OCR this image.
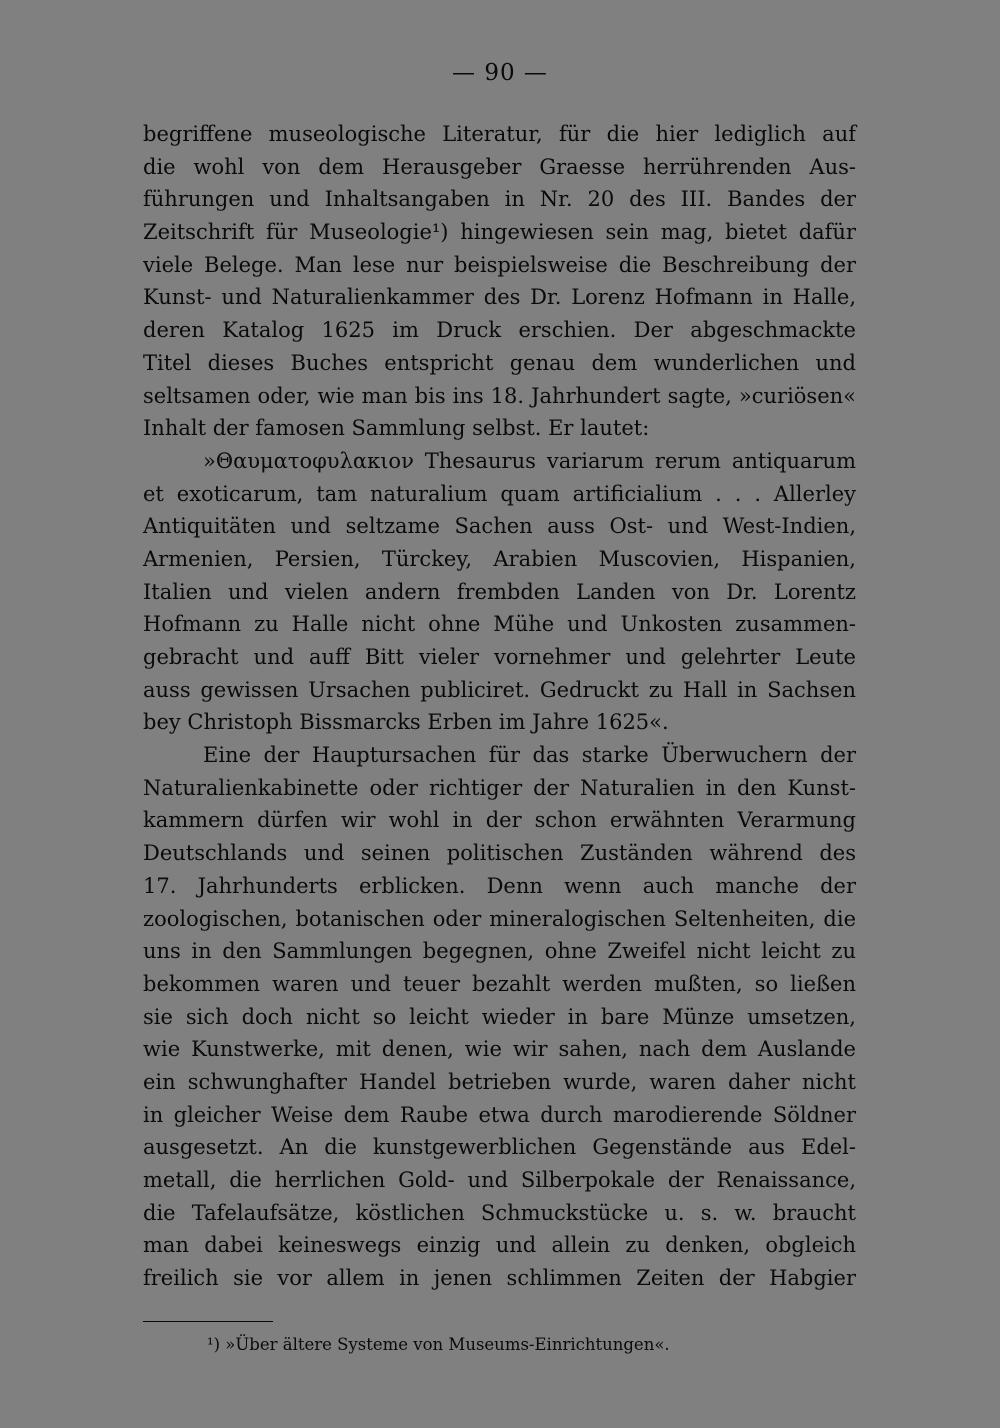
— 90 —
begriffene museologische Literatur, für die hier lediglich auf
die wohl von dem Herausgeber Graesse herrührenden Aus-
führungen und Inhaltsangaben in Nr. 20 des III. Bandes der
Zeitschrift für Museologie¹) hingewiesen sein mag, bietet dafür
viele Belege. Man lese nur beispielsweise die Beschreibung der
Kunst- und Naturalienkammer des Dr. Lorenz Hofmann in Halle,
deren Katalog 1625 im Druck erschien. Der abgeschmackte
Titel dieses Buches entspricht genau dem wunderlichen und
seltsamen oder, wie man bis ins 18. Jahrhundert sagte, »curiösen«
Inhalt der famosen Sammlung selbst. Er lautet:
»Θαυματοφυλακιον Thesaurus variarum rerum antiquarum
et exoticarum, tam naturalium quam artificialium . . . Allerley
Antiquitäten und seltzame Sachen auss Ost- und West-Indien,
Armenien, Persien, Türckey, Arabien Muscovien, Hispanien,
Italien und vielen andern frembden Landen von Dr. Lorentz
Hofmann zu Halle nicht ohne Mühe und Unkosten zusammen-
gebracht und auff Bitt vieler vornehmer und gelehrter Leute
auss gewissen Ursachen publiciret. Gedruckt zu Hall in Sachsen
bey Christoph Bissmarcks Erben im Jahre 1625«.
Eine der Hauptursachen für das starke Überwuchern der
Naturalienkabinette oder richtiger der Naturalien in den Kunst-
kammern dürfen wir wohl in der schon erwähnten Verarmung
Deutschlands und seinen politischen Zuständen während des
17. Jahrhunderts erblicken. Denn wenn auch manche der
zoologischen, botanischen oder mineralogischen Seltenheiten, die
uns in den Sammlungen begegnen, ohne Zweifel nicht leicht zu
bekommen waren und teuer bezahlt werden mußten, so ließen
sie sich doch nicht so leicht wieder in bare Münze umsetzen,
wie Kunstwerke, mit denen, wie wir sahen, nach dem Auslande
ein schwunghafter Handel betrieben wurde, waren daher nicht
in gleicher Weise dem Raube etwa durch marodierende Söldner
ausgesetzt. An die kunstgewerblichen Gegenstände aus Edel-
metall, die herrlichen Gold- und Silberpokale der Renaissance,
die Tafelaufsätze, köstlichen Schmuckstücke u. s. w. braucht
man dabei keineswegs einzig und allein zu denken, obgleich
freilich sie vor allem in jenen schlimmen Zeiten der Habgier
¹) »Über ältere Systeme von Museums-Einrichtungen«.
